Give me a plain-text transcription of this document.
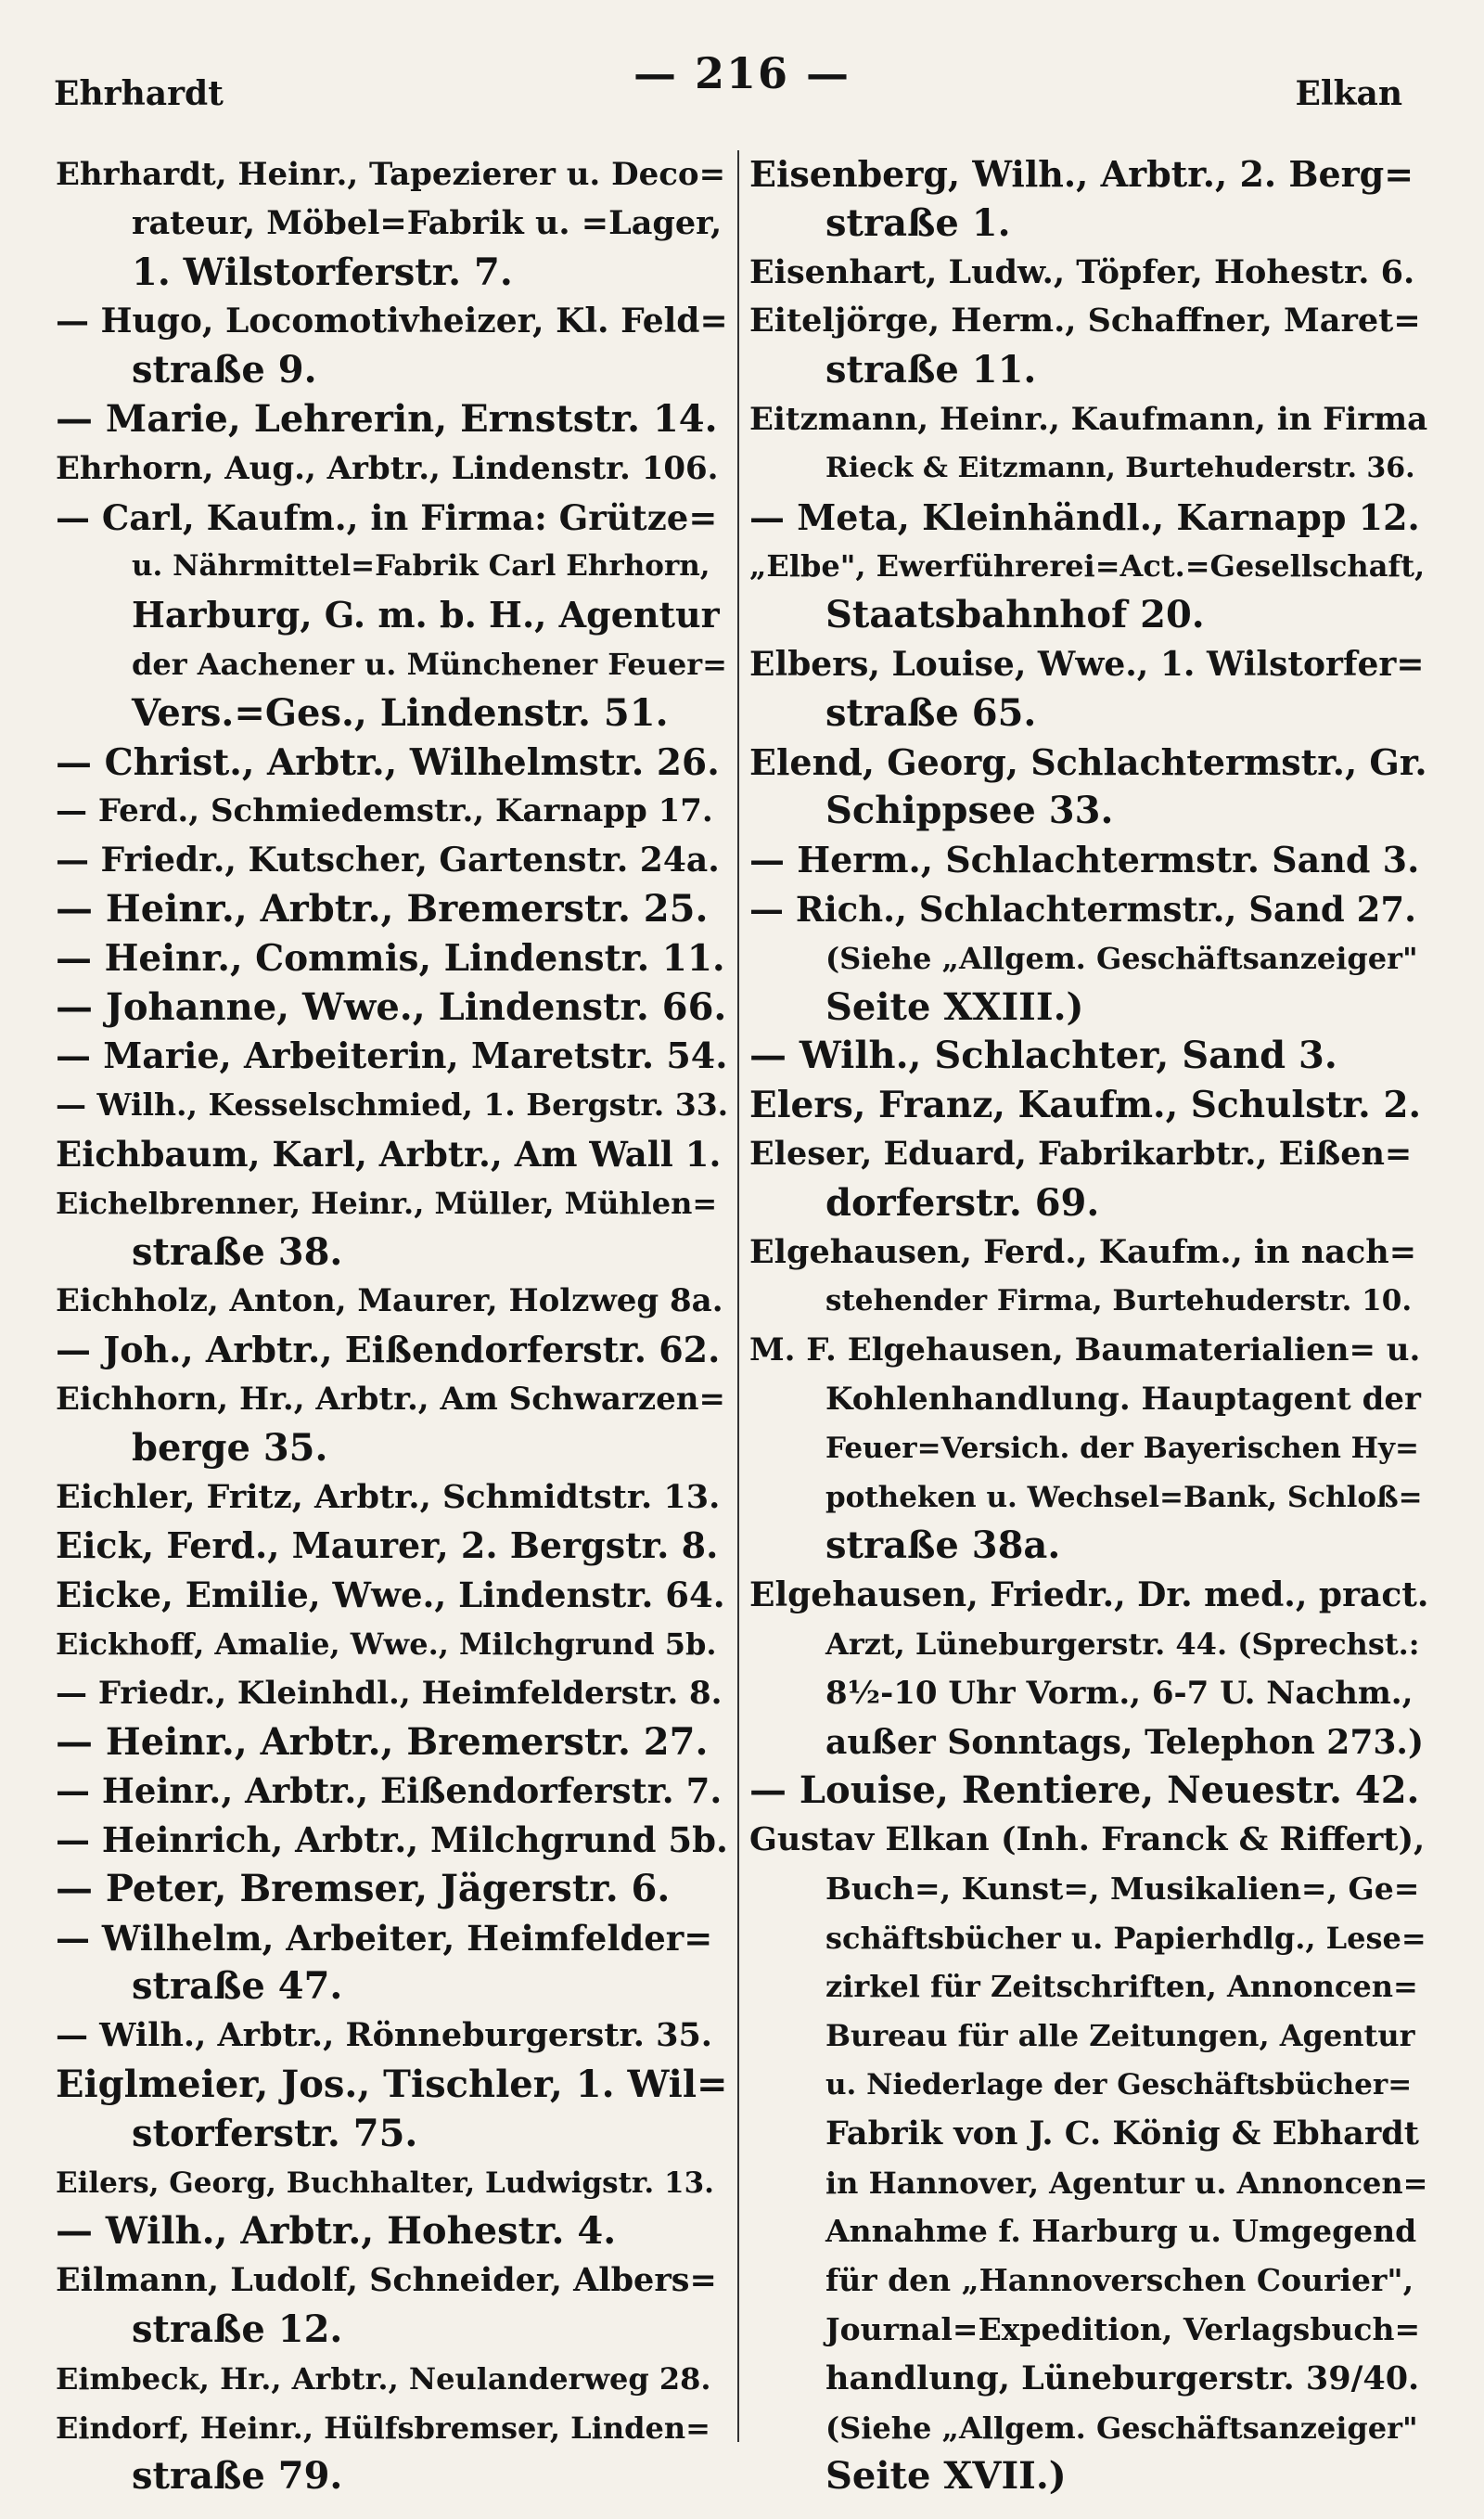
Ehrhardt	— 216 —	Elkan
Ehrhardt, Heinr., Tapezierer u. Deco=
rateur, Möbel=Fabrik u. =Lager,
1. Wilstorferstr. 7.
— Hugo, Locomotivheizer, Kl. Feld=
straße 9.
— Marie, Lehrerin, Ernststr. 14.
Ehrhorn, Aug., Arbtr., Lindenstr. 106.
— Carl, Kaufm., in Firma: Grütze=
u. Nährmittel=Fabrik Carl Ehrhorn,
Harburg, G. m. b. H., Agentur
der Aachener u. Münchener Feuer=
Vers.=Ges., Lindenstr. 51.
— Christ., Arbtr., Wilhelmstr. 26.
— Ferd., Schmiedemstr., Karnapp 17.
— Friedr., Kutscher, Gartenstr. 24a.
— Heinr., Arbtr., Bremerstr. 25.
— Heinr., Commis, Lindenstr. 11.
— Johanne, Wwe., Lindenstr. 66.
— Marie, Arbeiterin, Maretstr. 54.
— Wilh., Kesselschmied, 1. Bergstr. 33.
Eichbaum, Karl, Arbtr., Am Wall 1.
Eichelbrenner, Heinr., Müller, Mühlen=
straße 38.
Eichholz, Anton, Maurer, Holzweg 8a.
— Joh., Arbtr., Eißendorferstr. 62.
Eichhorn, Hr., Arbtr., Am Schwarzen=
berge 35.
Eichler, Fritz, Arbtr., Schmidtstr. 13.
Eick, Ferd., Maurer, 2. Bergstr. 8.
Eicke, Emilie, Wwe., Lindenstr. 64.
Eickhoff, Amalie, Wwe., Milchgrund 5b.
— Friedr., Kleinhdl., Heimfelderstr. 8.
— Heinr., Arbtr., Bremerstr. 27.
— Heinr., Arbtr., Eißendorferstr. 7.
— Heinrich, Arbtr., Milchgrund 5b.
— Peter, Bremser, Jägerstr. 6.
— Wilhelm, Arbeiter, Heimfelder=
straße 47.
— Wilh., Arbtr., Rönneburgerstr. 35.
Eiglmeier, Jos., Tischler, 1. Wil=
storferstr. 75.
Eilers, Georg, Buchhalter, Ludwigstr. 13.
— Wilh., Arbtr., Hohestr. 4.
Eilmann, Ludolf, Schneider, Albers=
straße 12.
Eimbeck, Hr., Arbtr., Neulanderweg 28.
Eindorf, Heinr., Hülfsbremser, Linden=
straße 79.
Eisenberg, Wilh., Arbtr., 2. Berg=
straße 1.
Eisenhart, Ludw., Töpfer, Hohestr. 6.
Eiteljörge, Herm., Schaffner, Maret=
straße 11.
Eitzmann, Heinr., Kaufmann, in Firma
Rieck & Eitzmann, Burtehuderstr. 36.
— Meta, Kleinhändl., Karnapp 12.
„Elbe", Ewerführerei=Act.=Gesellschaft,
Staatsbahnhof 20.
Elbers, Louise, Wwe., 1. Wilstorfer=
straße 65.
Elend, Georg, Schlachtermstr., Gr.
Schippsee 33.
— Herm., Schlachtermstr. Sand 3.
— Rich., Schlachtermstr., Sand 27.
(Siehe „Allgem. Geschäftsanzeiger"
Seite XXIII.)
— Wilh., Schlachter, Sand 3.
Elers, Franz, Kaufm., Schulstr. 2.
Eleser, Eduard, Fabrikarbtr., Eißen=
dorferstr. 69.
Elgehausen, Ferd., Kaufm., in nach=
stehender Firma, Burtehuderstr. 10.
M. F. Elgehausen, Baumaterialien= u.
Kohlenhandlung. Hauptagent der
Feuer=Versich. der Bayerischen Hy=
potheken u. Wechsel=Bank, Schloß=
straße 38a.
Elgehausen, Friedr., Dr. med., pract.
Arzt, Lüneburgerstr. 44. (Sprechst.:
8½-10 Uhr Vorm., 6-7 U. Nachm.,
außer Sonntags, Telephon 273.)
— Louise, Rentiere, Neuestr. 42.
Gustav Elkan (Inh. Franck & Riffert),
Buch=, Kunst=, Musikalien=, Ge=
schäftsbücher u. Papierhdlg., Lese=
zirkel für Zeitschriften, Annoncen=
Bureau für alle Zeitungen, Agentur
u. Niederlage der Geschäftsbücher=
Fabrik von J. C. König & Ebhardt
in Hannover, Agentur u. Annoncen=
Annahme f. Harburg u. Umgegend
für den „Hannoverschen Courier",
Journal=Expedition, Verlagsbuch=
handlung, Lüneburgerstr. 39/40.
(Siehe „Allgem. Geschäftsanzeiger"
Seite XVII.)
